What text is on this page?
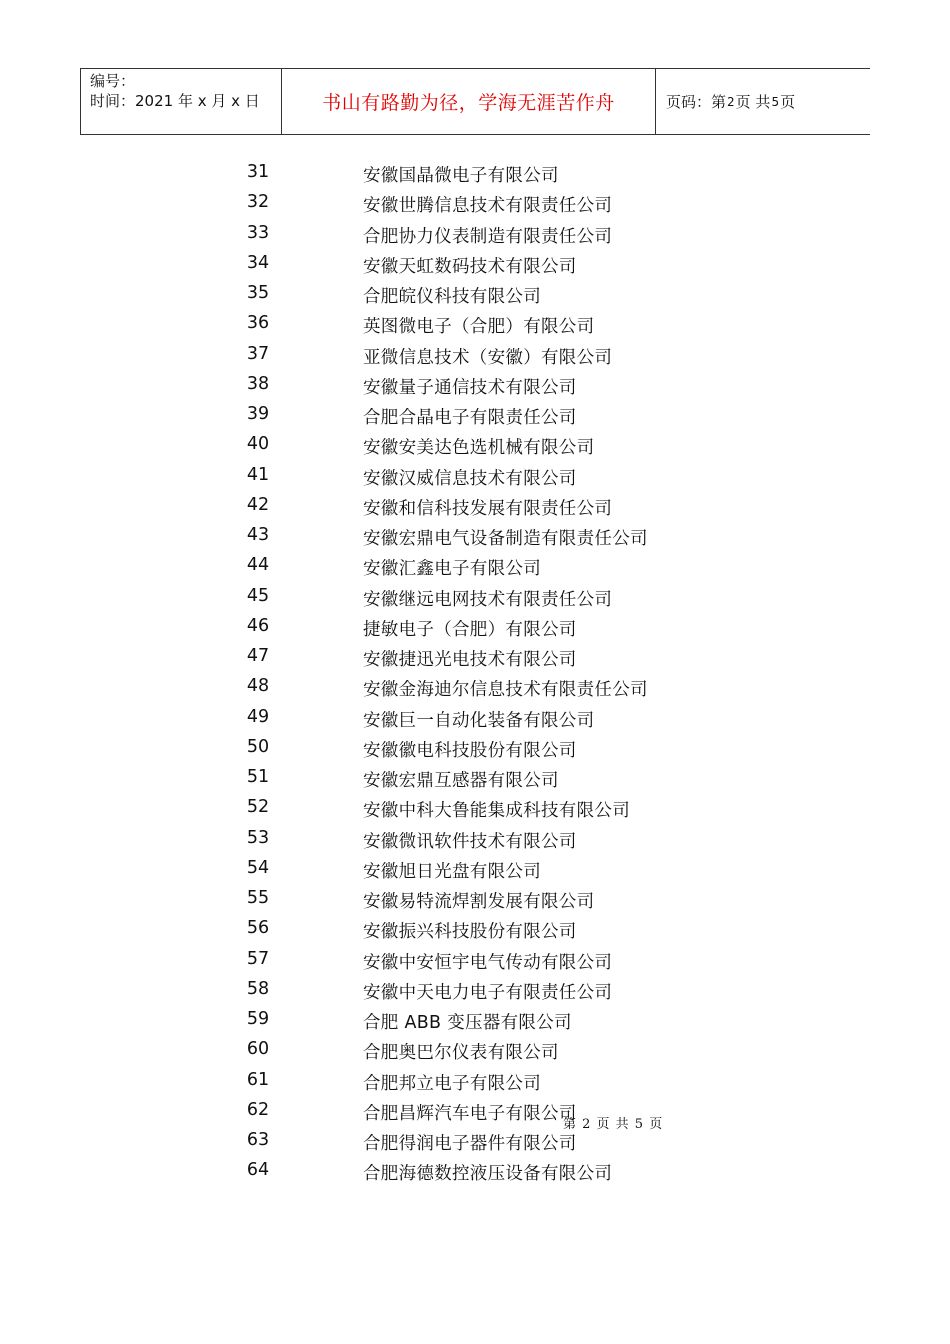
编号：
时间：2021 年 x 月 x 日	书山有路勤为径，学海无涯苦作舟	页码：第 2 页 共 5 页
31	安徽国晶微电子有限公司
32	安徽世腾信息技术有限责任公司
33	合肥协力仪表制造有限责任公司
34	安徽天虹数码技术有限公司
35	合肥皖仪科技有限公司
36	英图微电子（合肥）有限公司
37	亚微信息技术（安徽）有限公司
38	安徽量子通信技术有限公司
39	合肥合晶电子有限责任公司
40	安徽安美达色选机械有限公司
41	安徽汉威信息技术有限公司
42	安徽和信科技发展有限责任公司
43	安徽宏鼎电气设备制造有限责任公司
44	安徽汇鑫电子有限公司
45	安徽继远电网技术有限责任公司
46	捷敏电子（合肥）有限公司
47	安徽捷迅光电技术有限公司
48	安徽金海迪尔信息技术有限责任公司
49	安徽巨一自动化装备有限公司
50	安徽徽电科技股份有限公司
51	安徽宏鼎互感器有限公司
52	安徽中科大鲁能集成科技有限公司
53	安徽微讯软件技术有限公司
54	安徽旭日光盘有限公司
55	安徽易特流焊割发展有限公司
56	安徽振兴科技股份有限公司
57	安徽中安恒宇电气传动有限公司
58	安徽中天电力电子有限责任公司
59	合肥 ABB 变压器有限公司
60	合肥奥巴尔仪表有限公司
61	合肥邦立电子有限公司
62	合肥昌辉汽车电子有限公司
63	合肥得润电子器件有限公司
64	合肥海德数控液压设备有限公司
第 2 页 共 5 页
